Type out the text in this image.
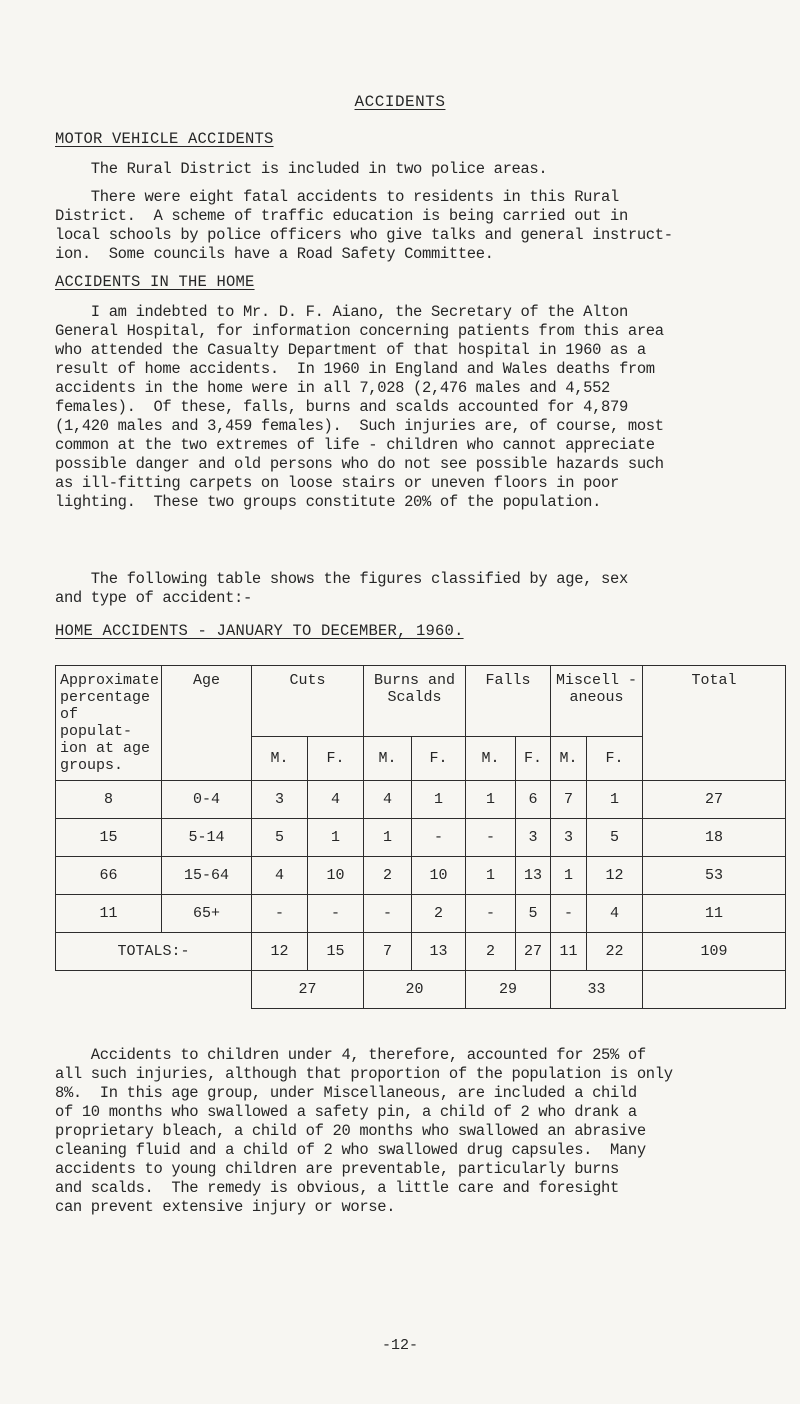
ACCIDENTS
MOTOR VEHICLE ACCIDENTS

The Rural District is included in two police areas.

There were eight fatal accidents to residents in this Rural
District.  A scheme of traffic education is being carried out in
local schools by police officers who give talks and general instruct-
ion.  Some councils have a Road Safety Committee.

ACCIDENTS IN THE HOME

I am indebted to Mr. D. F. Aiano, the Secretary of the Alton
General Hospital, for information concerning patients from this area
who attended the Casualty Department of that hospital in 1960 as a
result of home accidents.  In 1960 in England and Wales deaths from
accidents in the home were in all 7,028 (2,476 males and 4,552
females).  Of these, falls, burns and scalds accounted for 4,879
(1,420 males and 3,459 females).  Such injuries are, of course, most
common at the two extremes of life - children who cannot appreciate
possible danger and old persons who do not see possible hazards such
as ill-fitting carpets on loose stairs or uneven floors in poor
lighting.  These two groups constitute 20% of the population.

The following table shows the figures classified by age, sex
and type of accident:-

HOME ACCIDENTS - JANUARY TO DECEMBER, 1960.
Approximate percentage of populat- ion at age groups.	Age	Cuts		Burns and Scalds		Falls		Miscell -aneous		Total
		M.	F.	M.	F.	M.	F.	M.	F.	
8	0-4	3	4	4	1	1	6	7	1	27
15	5-14	5	1	1	-	-	3	3	5	18
66	15-64	4	10	2	10	1	13	1	12	53
11	65+	-	-	-	2	-	5	-	4	11
TOTALS:-		12	15	7	13	2	27	11	22	109
		27		20		29		33		

Accidents to children under 4, therefore, accounted for 25% of
all such injuries, although that proportion of the population is only
8%.  In this age group, under Miscellaneous, are included a child
of 10 months who swallowed a safety pin, a child of 2 who drank a
proprietary bleach, a child of 20 months who swallowed an abrasive
cleaning fluid and a child of 2 who swallowed drug capsules.  Many
accidents to young children are preventable, particularly burns
and scalds.  The remedy is obvious, a little care and foresight
can prevent extensive injury or worse.

-12-
